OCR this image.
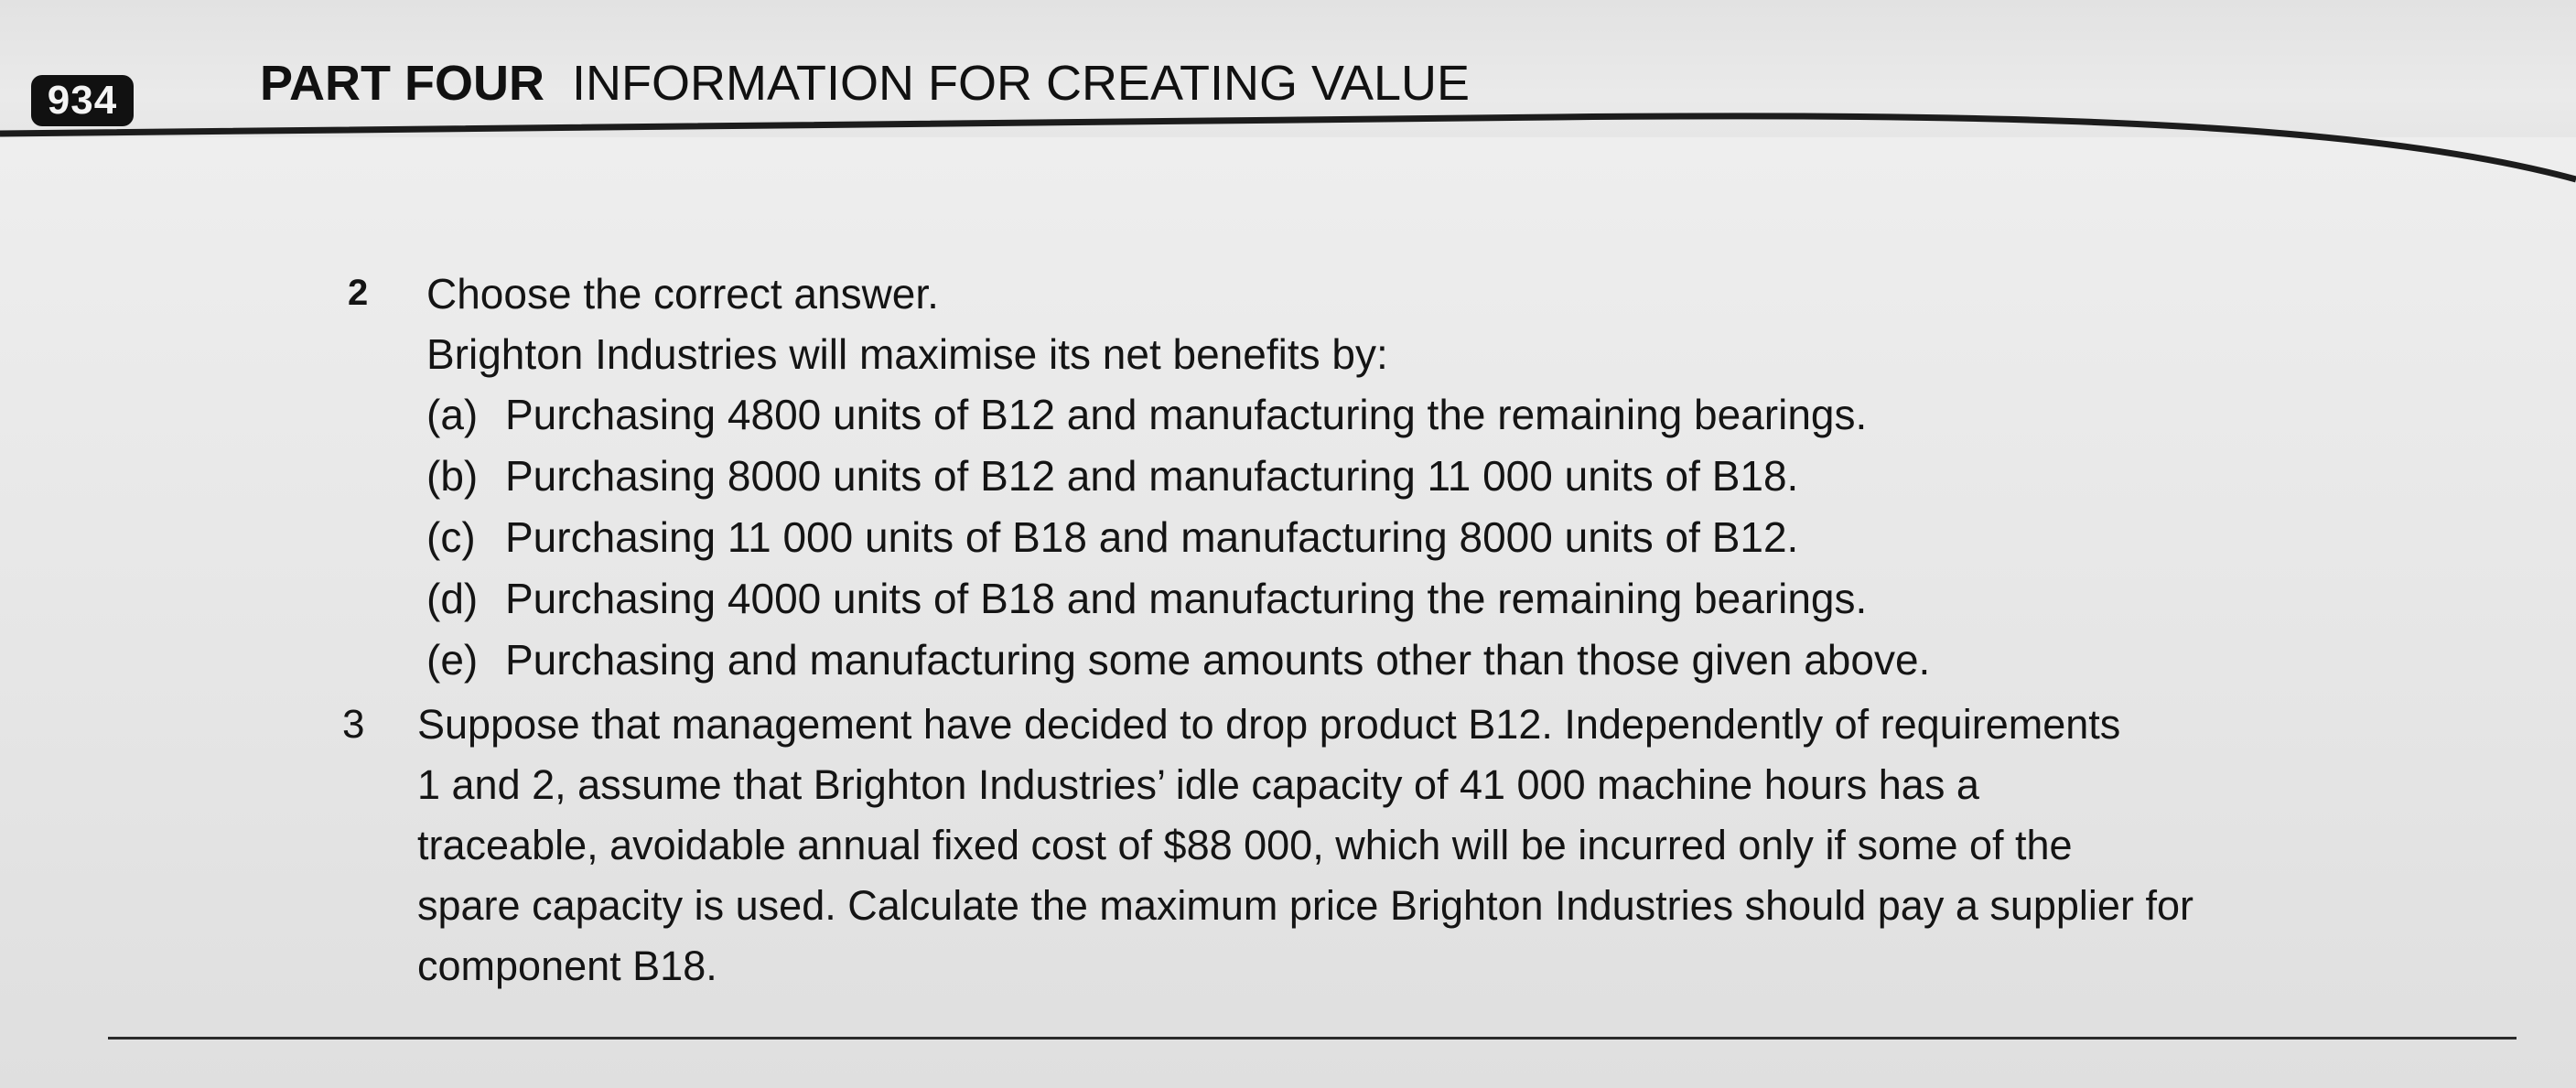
934	PART FOUR INFORMATION FOR CREATING VALUE
2 Choose the correct answer.
Brighton Industries will maximise its net benefits by:
(a) Purchasing 4800 units of B12 and manufacturing the remaining bearings.
(b) Purchasing 8000 units of B12 and manufacturing 11 000 units of B18.
(c) Purchasing 11 000 units of B18 and manufacturing 8000 units of B12.
(d) Purchasing 4000 units of B18 and manufacturing the remaining bearings.
(e) Purchasing and manufacturing some amounts other than those given above.
3 Suppose that management have decided to drop product B12. Independently of requirements
1 and 2, assume that Brighton Industries’ idle capacity of 41 000 machine hours has a
traceable, avoidable annual fixed cost of $88 000, which will be incurred only if some of the
spare capacity is used. Calculate the maximum price Brighton Industries should pay a supplier for
component B18.
